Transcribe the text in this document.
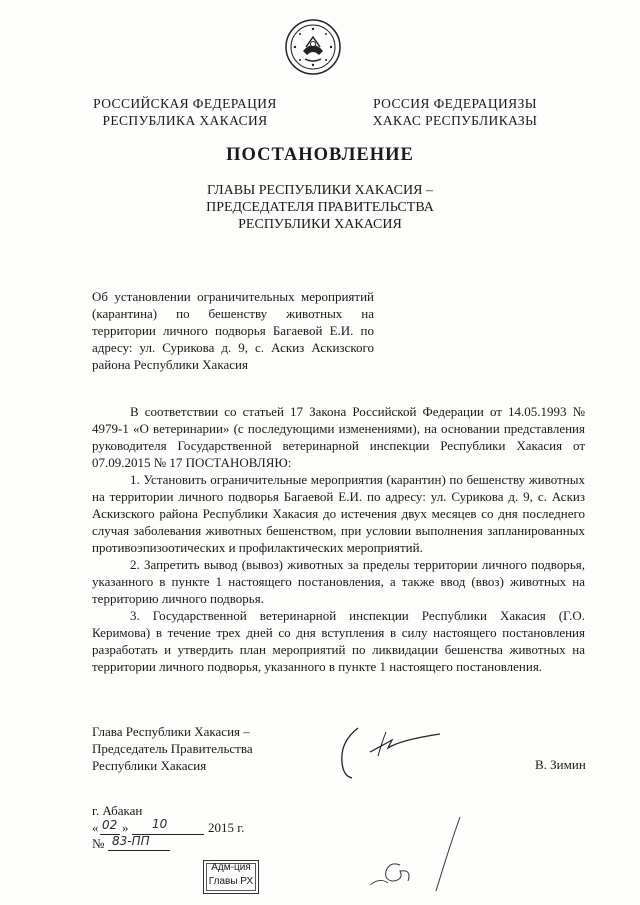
РОССИЙСКАЯ ФЕДЕРАЦИЯ
РЕСПУБЛИКА ХАКАСИЯ
РОССИЯ ФЕДЕРАЦИЯЗЫ
ХАКАС РЕСПУБЛИКАЗЫ
ПОСТАНОВЛЕНИЕ
ГЛАВЫ РЕСПУБЛИКИ ХАКАСИЯ –
ПРЕДСЕДАТЕЛЯ ПРАВИТЕЛЬСТВА
РЕСПУБЛИКИ ХАКАСИЯ
Об установлении ограничительных мероприятий (карантина) по бешенству животных на территории личного подворья Багаевой Е.И. по адресу: ул. Сурикова д. 9, с. Аскиз Аскизского района Республики Хакасия

В соответствии со статьей 17 Закона Российской Федерации от 14.05.1993 № 4979-1 «О ветеринарии» (с последующими изменениями), на основании представления руководителя Государственной ветеринарной инспекции Республики Хакасия от 07.09.2015 № 17 ПОСТАНОВЛЯЮ:

1. Установить ограничительные мероприятия (карантин) по бешенству животных на территории личного подворья Багаевой Е.И. по адресу: ул. Сурикова д. 9, с. Аскиз Аскизского района Республики Хакасия до истечения двух месяцев со дня последнего случая заболевания животных бешенством, при условии выполнения запланированных противоэпизоотических и профилактических мероприятий.

2. Запретить вывод (вывоз) животных за пределы территории личного подворья, указанного в пункте 1 настоящего постановления, а также ввод (ввоз) животных на территорию личного подворья.

3. Государственной ветеринарной инспекции Республики Хакасия (Г.О. Керимова) в течение трех дней со дня вступления в силу настоящего постановления разработать и утвердить план мероприятий по ликвидации бешенства животных на территории личного подворья, указанного в пункте 1 настоящего постановления.

Глава Республики Хакасия –
Председатель Правительства
Республики Хакасия	В. Зимин
г. Абакан
« 02 » 10	2015 г.
№ 83-ПП
Адм-ция
Главы РХ
